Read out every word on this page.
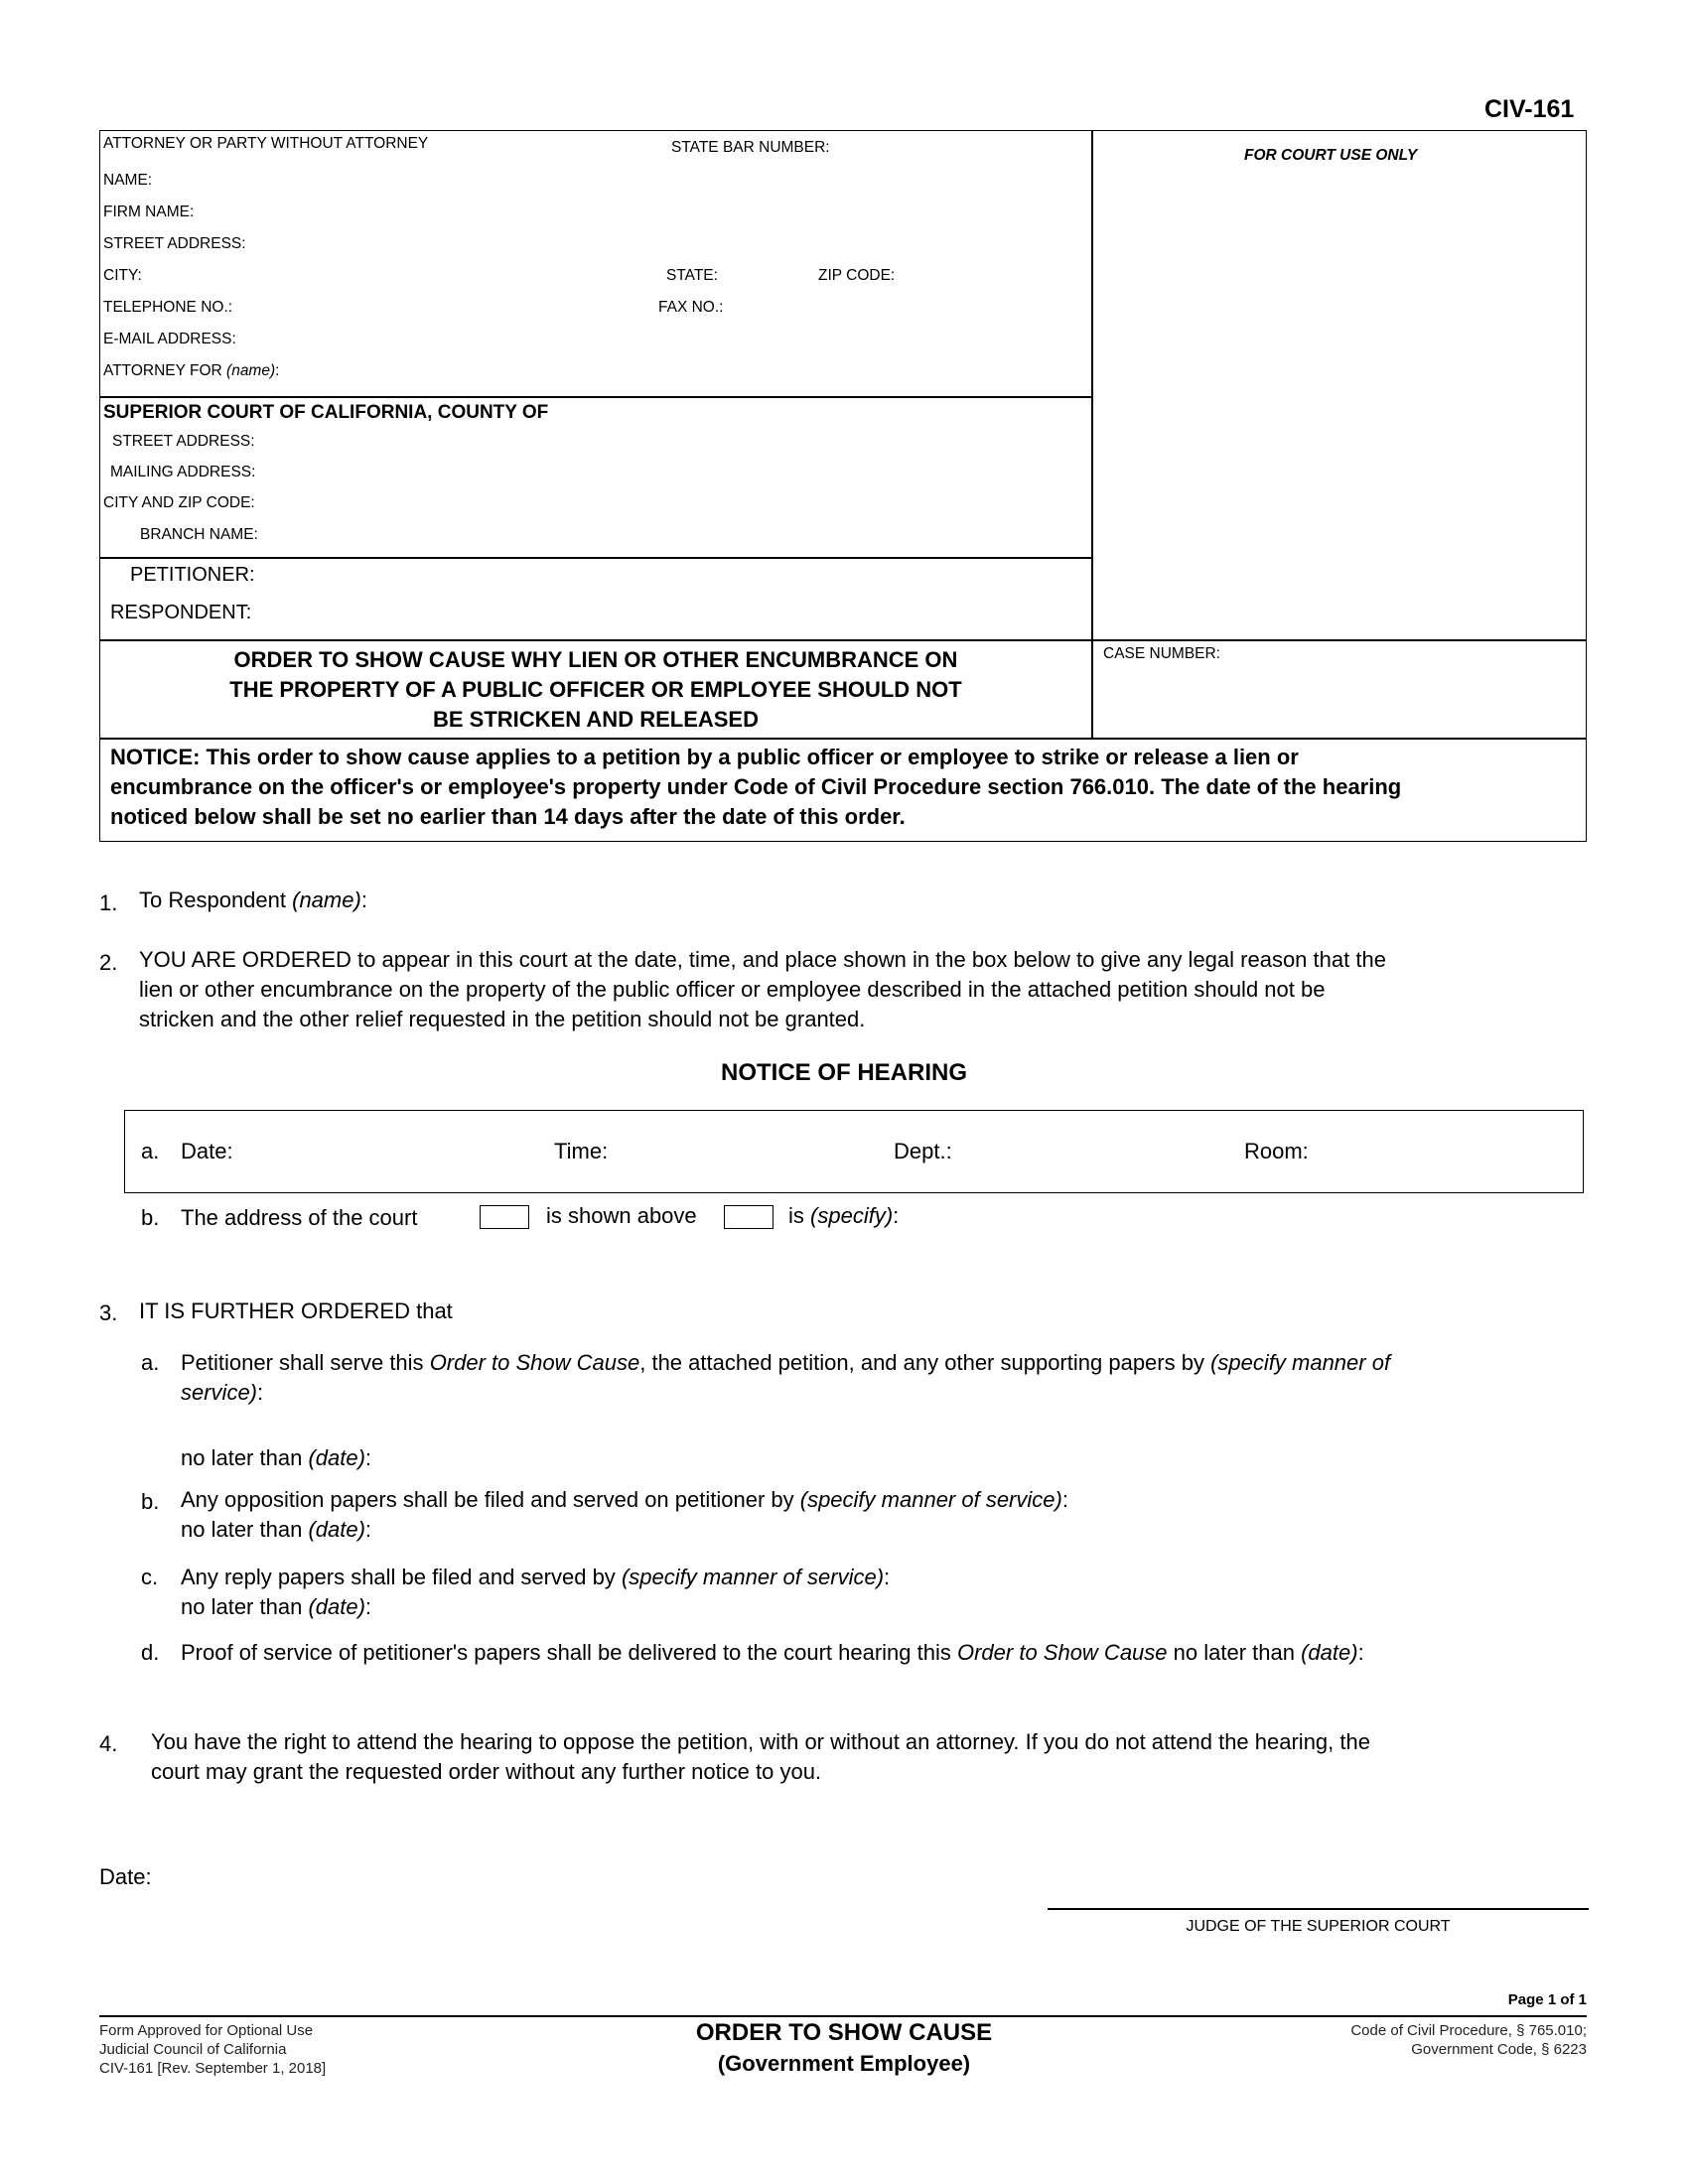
CIV-161
ATTORNEY OR PARTY WITHOUT ATTORNEY	STATE BAR NUMBER:	FOR COURT USE ONLY
NAME:
FIRM NAME:
STREET ADDRESS:
CITY:	STATE:	ZIP CODE:
TELEPHONE NO.:	FAX NO.:
E-MAIL ADDRESS:
ATTORNEY FOR (name):
SUPERIOR COURT OF CALIFORNIA, COUNTY OF
STREET ADDRESS:
MAILING ADDRESS:
CITY AND ZIP CODE:
BRANCH NAME:
PETITIONER:
RESPONDENT:
CASE NUMBER:
ORDER TO SHOW CAUSE WHY LIEN OR OTHER ENCUMBRANCE ON
THE PROPERTY OF A PUBLIC OFFICER OR EMPLOYEE SHOULD NOT
BE STRICKEN AND RELEASED
NOTICE: This order to show cause applies to a petition by a public officer or employee to strike or release a lien or
encumbrance on the officer's or employee's property under Code of Civil Procedure section 766.010. The date of the hearing
noticed below shall be set no earlier than 14 days after the date of this order.
1. To Respondent (name):
2. YOU ARE ORDERED to appear in this court at the date, time, and place shown in the box below to give any legal reason that the
lien or other encumbrance on the property of the public officer or employee described in the attached petition should not be
stricken and the other relief requested in the petition should not be granted.
NOTICE OF HEARING
a. Date:	Time:	Dept.:	Room:
b. The address of the court	is shown above	is (specify):
3. IT IS FURTHER ORDERED that
a. Petitioner shall serve this Order to Show Cause, the attached petition, and any other supporting papers by (specify manner of
service):
no later than (date):
b. Any opposition papers shall be filed and served on petitioner by (specify manner of service):
no later than (date):
c. Any reply papers shall be filed and served by (specify manner of service):
no later than (date):
d. Proof of service of petitioner's papers shall be delivered to the court hearing this Order to Show Cause no later than (date):
4. You have the right to attend the hearing to oppose the petition, with or without an attorney. If you do not attend the hearing, the
court may grant the requested order without any further notice to you.
Date:
JUDGE OF THE SUPERIOR COURT
Page 1 of 1
Form Approved for Optional Use
Judicial Council of California
CIV-161 [Rev. September 1, 2018]
ORDER TO SHOW CAUSE
(Government Employee)
Code of Civil Procedure, § 765.010;
Government Code, § 6223
